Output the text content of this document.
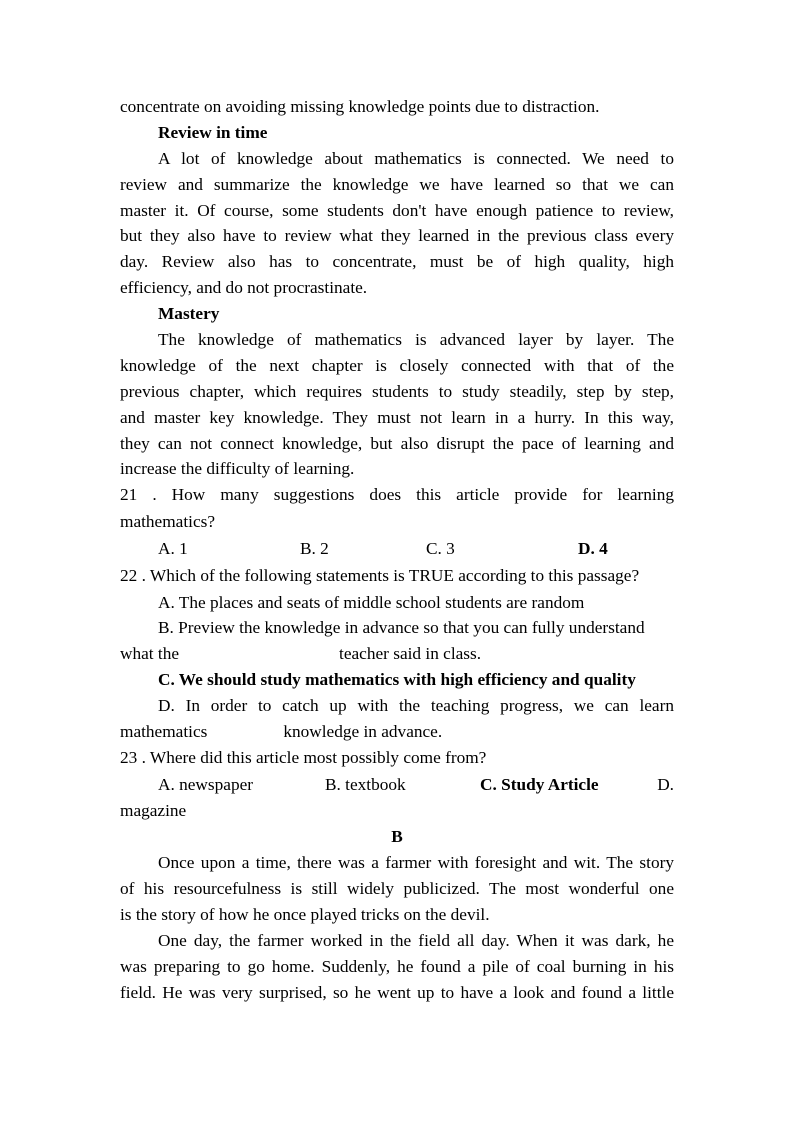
concentrate on avoiding missing knowledge points due to distraction.
Review in time
A lot of knowledge about mathematics is connected. We need to
review and summarize the knowledge we have learned so that we can
master it. Of course, some students don't have enough patience to review,
but they also have to review what they learned in the previous class every
day. Review also has to concentrate, must be of high quality, high
efficiency, and do not procrastinate.
Mastery
The knowledge of mathematics is advanced layer by layer. The
knowledge of the next chapter is closely connected with that of the
previous chapter, which requires students to study steadily, step by step,
and master key knowledge. They must not learn in a hurry. In this way,
they can not connect knowledge, but also disrupt the pace of learning and
increase the difficulty of learning.
21 . How many suggestions does this article provide for learning
mathematics?
A. 1	B. 2	C. 3	D. 4
22 . Which of the following statements is TRUE according to this passage?
A. The places and seats of middle school students are random
B. Preview the knowledge in advance so that you can fully understand
what the	teacher said in class.
C. We should study mathematics with high efficiency and quality
D. In order to catch up with the teaching progress, we can learn
mathematics	knowledge in advance.
23 . Where did this article most possibly come from?
A. newspaper	B. textbook	C. Study Article	D.
magazine
B
Once upon a time, there was a farmer with foresight and wit. The story
of his resourcefulness is still widely publicized. The most wonderful one
is the story of how he once played tricks on the devil.
One day, the farmer worked in the field all day. When it was dark, he
was preparing to go home. Suddenly, he found a pile of coal burning in his
field. He was very surprised, so he went up to have a look and found a little
